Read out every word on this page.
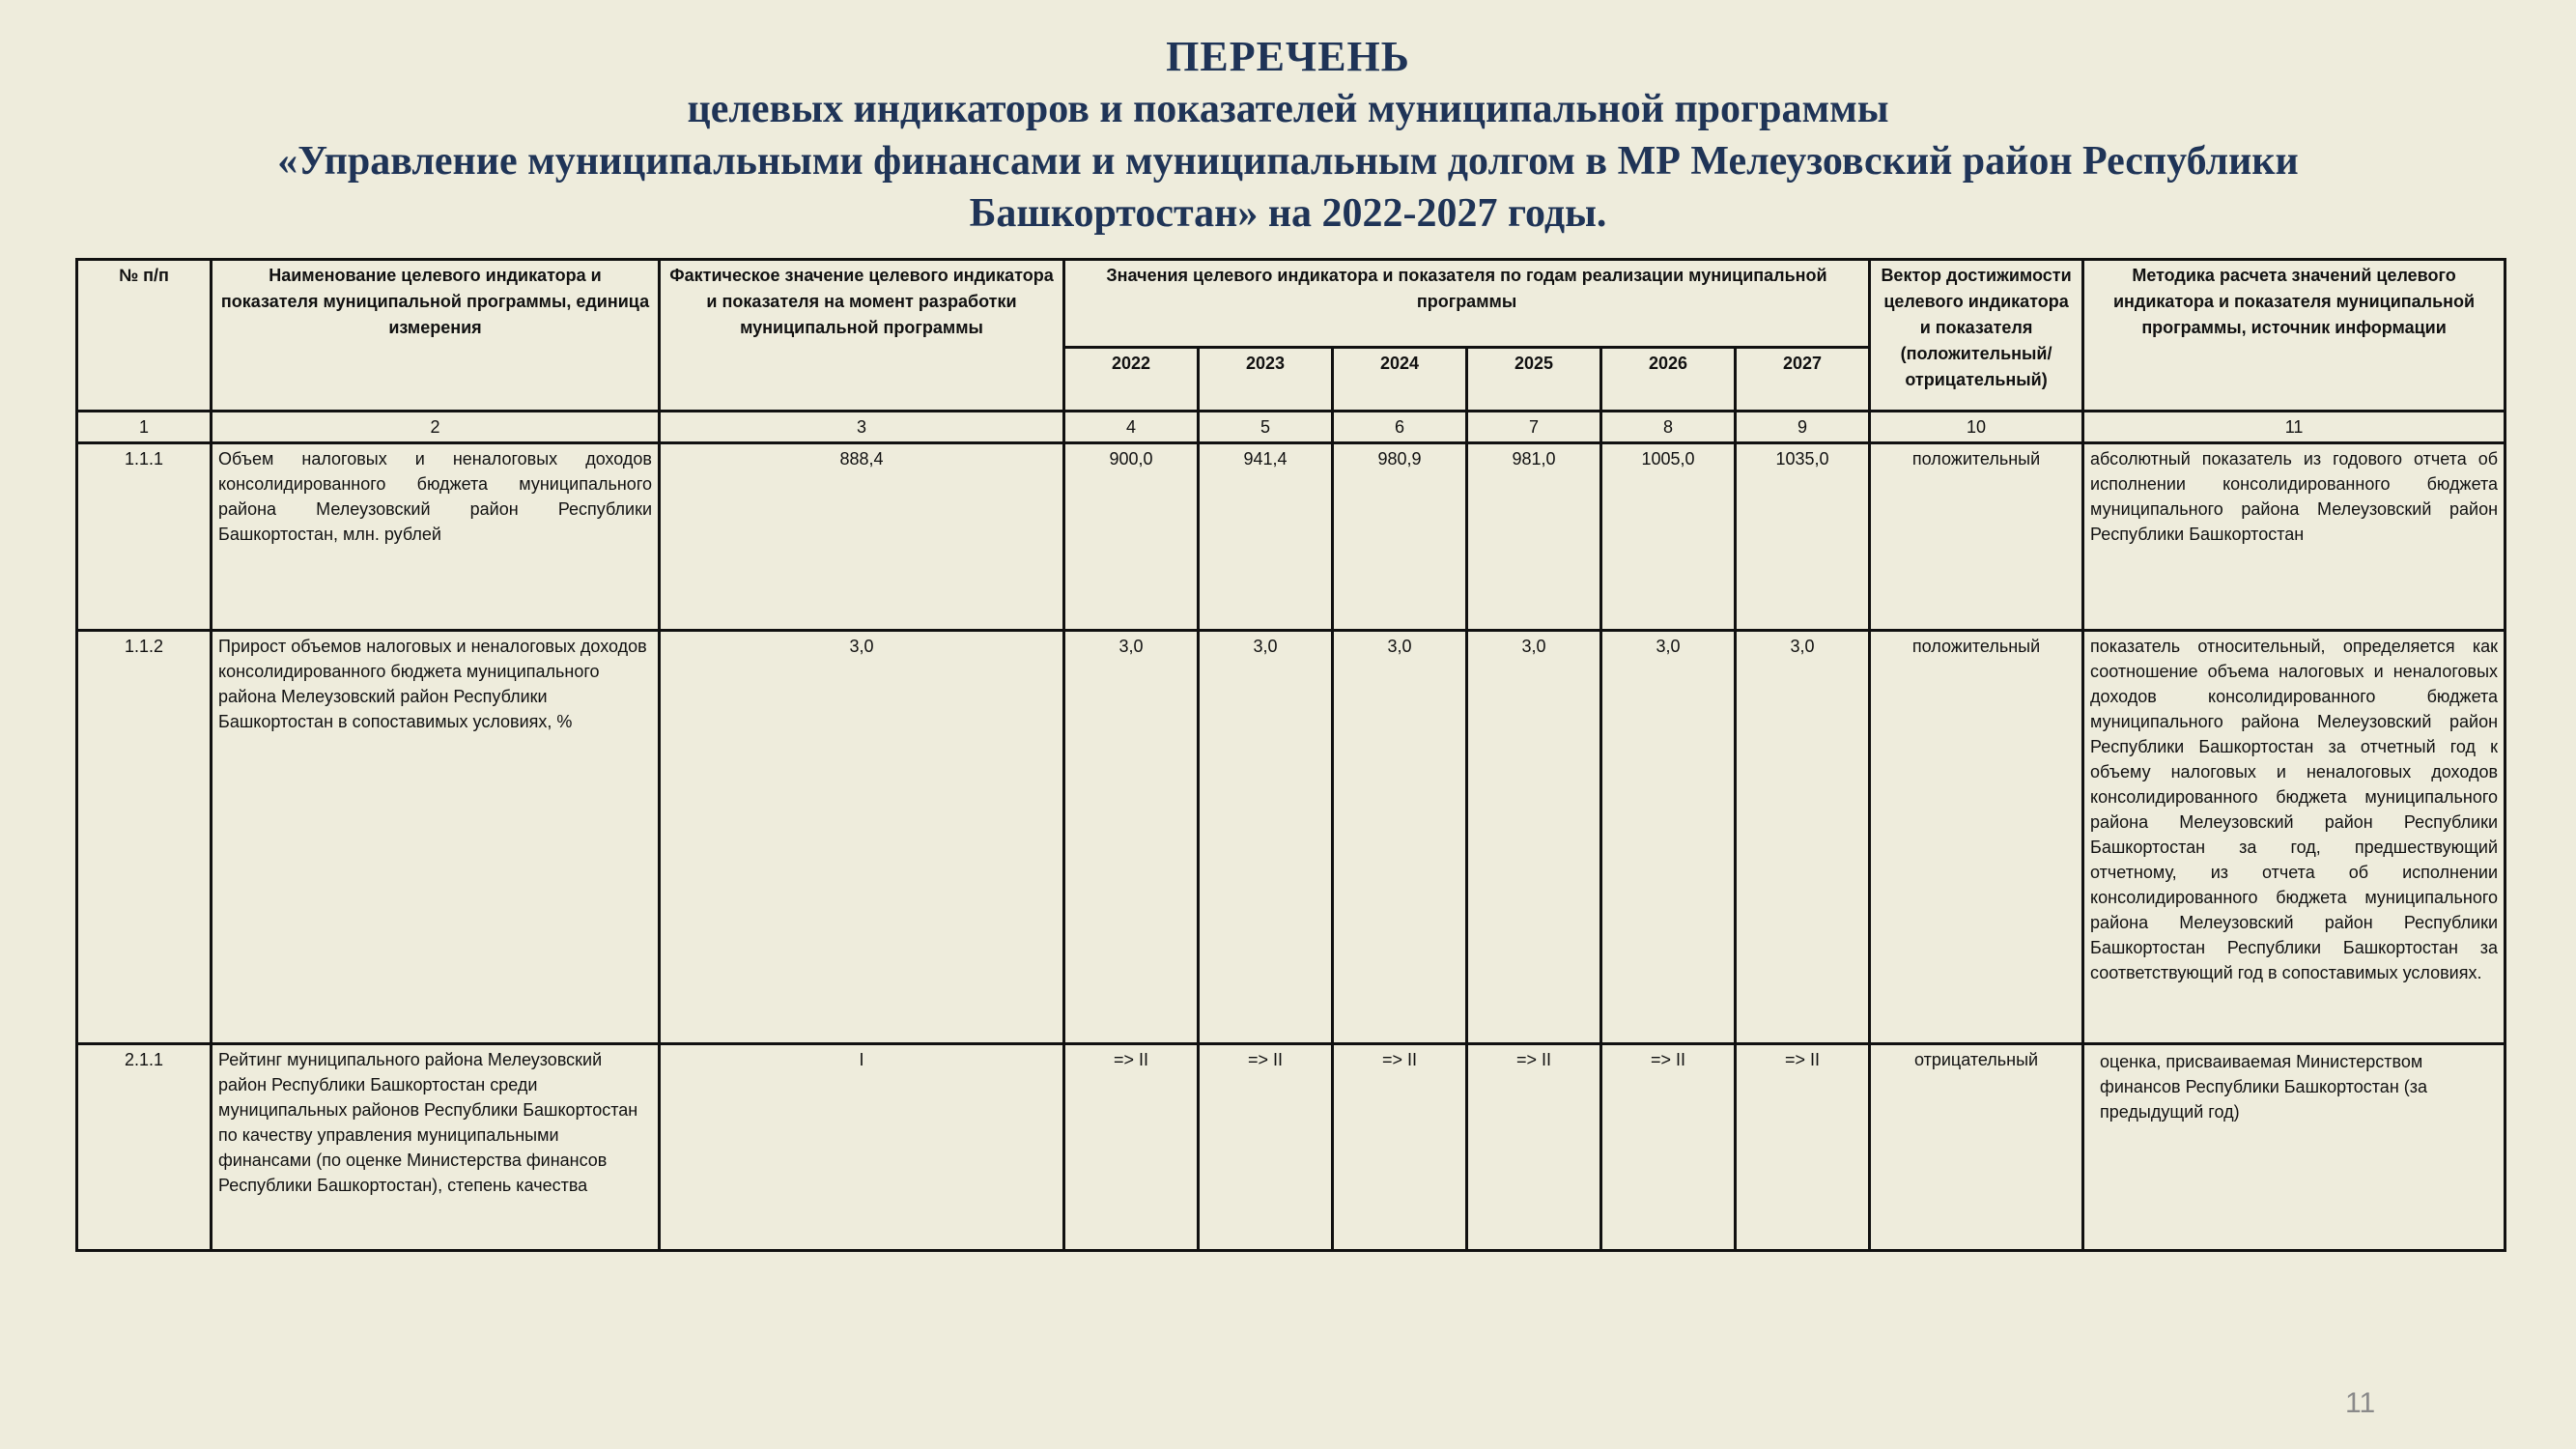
ПЕРЕЧЕНЬ
целевых индикаторов и показателей муниципальной программы
«Управление муниципальными финансами и муниципальным долгом в МР Мелеузовский район Республики Башкортостан» на 2022-2027 годы.
№ п/п	Наименование целевого индикатора и показателя муниципальной программы, единица измерения	Фактическое значение целевого индикатора и показателя на момент разработки муниципальной программы	Значения целевого индикатора и показателя по годам реализации муниципальной программы						Вектор достижимости целевого индикатора и показателя (положительный/отрицательный)	Методика расчета значений целевого индикатора и показателя муниципальной программы, источник информации
			2022	2023	2024	2025	2026	2027		
1	2	3	4	5	6	7	8	9	10	11
1.1.1	Объем налоговых и неналоговых доходов консолидированного бюджета муниципального района Мелеузовский район Республики Башкортостан, млн. рублей	888,4	900,0	941,4	980,9	981,0	1005,0	1035,0	положительный	абсолютный показатель из годового отчета об исполнении консолидированного бюджета муниципального района Мелеузовский район Республики Башкортостан
1.1.2	Прирост объемов налоговых и неналоговых доходов консолидированного бюджета муниципального района Мелеузовский район Республики Башкортостан в сопоставимых условиях, %	3,0	3,0	3,0	3,0	3,0	3,0	3,0	положительный	показатель относительный, определяется как соотношение объема налоговых и неналоговых доходов консолидированного бюджета муниципального района Мелеузовский район Республики Башкортостан за отчетный год к объему налоговых и неналоговых доходов консолидированного бюджета муниципального района Мелеузовский район Республики Башкортостан за год, предшествующий отчетному, из отчета об исполнении консолидированного бюджета муниципального района Мелеузовский район Республики Башкортостан Республики Башкортостан за соответствующий год в сопоставимых условиях.
2.1.1	Рейтинг муниципального района Мелеузовский район Республики Башкортостан среди муниципальных районов Республики Башкортостан по качеству управления муниципальными финансами (по оценке Министерства финансов Республики Башкортостан), степень качества	I	=> II	=> II	=> II	=> II	=> II	=> II	отрицательный	оценка, присваиваемая Министерством финансов Республики Башкортостан (за предыдущий год)
11
